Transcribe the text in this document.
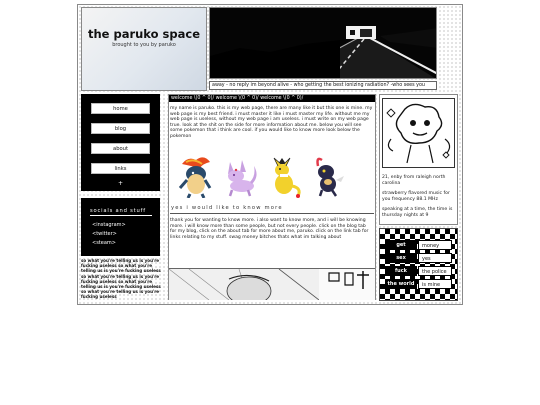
the paruko space
brought to you by paruko
away - no reply im beyond alive - who getting the best ionizing radiation? -who sees you
home
blog
about
links
+
socials and stuff
<instagram>
<twitter>
<steam>
so what you're telling us is you're fucking useless so what you're telling us is you're fucking useless so what you're telling us is you're fucking useless so what you're telling us is you're fucking useless so what you're telling us is you're fucking useless
welcome \(0 ^ 0)/ welcome \(0 ^ 0)/ welcome \(0 ^ 0)/
my name is paruko. this is my web page, there are many like it but this one is mine. my web page is my best friend. i must master it like i must master my life. without me my web page is useless, without my web page i am useless. i must write on my web page true. look at the shit on the side for more information about me. below you will see some pokemon that i think are cool. if you would like to know more look below the pokemon
yes i would like to know more
thank you for wanting to know more. i also want to know more, and i will be knowing more. i will know more than some people, but not every people. click on the blog tab for my blog, click on the about tab for more about me, paruko. click on the link tab for links relating to my stuff. swag money bitches thats what im talking about
21, enby from raleigh north carolina
strawberry flavored music for you frequency 88.1 MHz
speaking at a time, the time is thursday nights at 9
get	money
sex	yes
fuck	the police
the world	is mine
